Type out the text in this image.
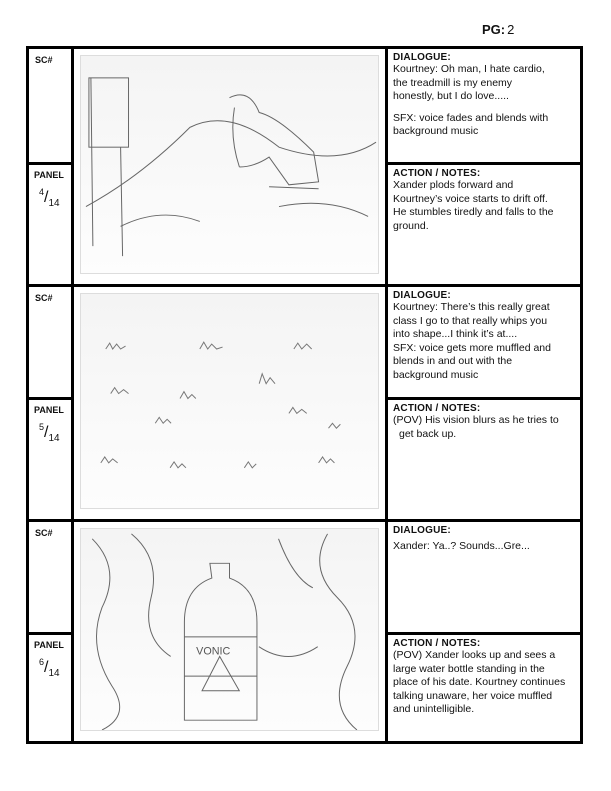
PG: 2
SC#
PANEL
$^4$/14
DIALOGUE:

Kourtney: Oh man, I hate cardio,

the treadmill is my enemy

honestly, but I do love.....

SFX: voice fades and blends with

background music

ACTION / NOTES:

Xander plods forward and

Kourtney’s voice starts to drift off.

He stumbles tiredly and falls to the

ground.

SC#
PANEL
$^5$/14
DIALOGUE:

Kourtney: There’s this really great

class I go to that really whips you

into shape...I think it’s at....

SFX: voice gets more muffled and

blends in and out with the

background music

ACTION / NOTES:

(POV) His vision blurs as he tries to

get back up.

SC#
PANEL
$^6$/14
VONIC
DIALOGUE:

Xander: Ya..? Sounds...Gre...

ACTION / NOTES:

(POV) Xander looks up and sees a

large water bottle standing in the

place of his date. Kourtney continues

talking unaware, her voice muffled

and unintelligible.
